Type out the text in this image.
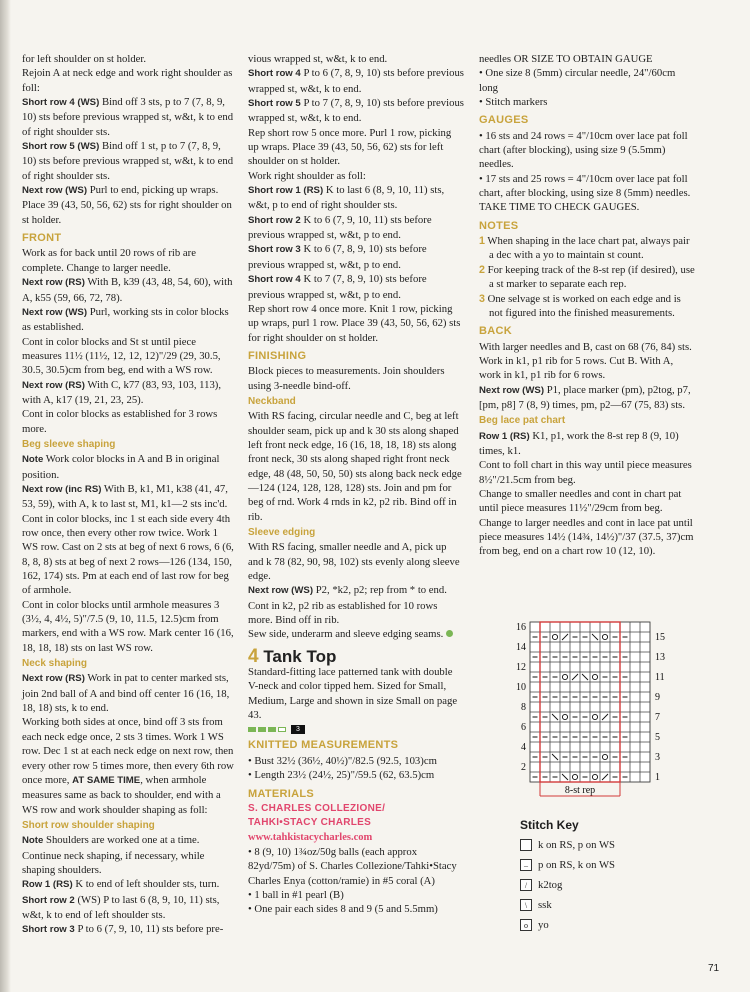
for left shoulder on st holder.

Rejoin A at neck edge and work right shoulder as foll:

Short row 4 (WS) Bind off 3 sts, p to 7 (7, 8, 9, 10) sts before previous wrapped st, w&t, k to end of right shoulder sts.

Short row 5 (WS) Bind off 1 st, p to 7 (7, 8, 9, 10) sts before previous wrapped st, w&t, k to end of right shoulder sts.

Next row (WS) Purl to end, picking up wraps. Place 39 (43, 50, 56, 62) sts for right shoulder on st holder.

FRONT

Work as for back until 20 rows of rib are complete. Change to larger needle.

Next row (RS) With B, k39 (43, 48, 54, 60), with A, k55 (59, 66, 72, 78).

Next row (WS) Purl, working sts in color blocks as established.

Cont in color blocks and St st until piece measures 11½ (11½, 12, 12, 12)"/29 (29, 30.5, 30.5, 30.5)cm from beg, end with a WS row.

Next row (RS) With C, k77 (83, 93, 103, 113), with A, k17 (19, 21, 23, 25).

Cont in color blocks as established for 3 rows more.

Beg sleeve shaping

Note Work color blocks in A and B in original position.

Next row (inc RS) With B, k1, M1, k38 (41, 47, 53, 59), with A, k to last st, M1, k1—2 sts inc'd.

Cont in color blocks, inc 1 st each side every 4th row once, then every other row twice. Work 1 WS row. Cast on 2 sts at beg of next 6 rows, 6 (6, 8, 8, 8) sts at beg of next 2 rows—126 (134, 150, 162, 174) sts. Pm at each end of last row for beg of armhole.

Cont in color blocks until armhole measures 3 (3½, 4, 4½, 5)"/7.5 (9, 10, 11.5, 12.5)cm from markers, end with a WS row. Mark center 16 (16, 18, 18, 18) sts on last WS row.

Neck shaping

Next row (RS) Work in pat to center marked sts, join 2nd ball of A and bind off center 16 (16, 18, 18, 18) sts, k to end.

Working both sides at once, bind off 3 sts from each neck edge once, 2 sts 3 times. Work 1 WS row. Dec 1 st at each neck edge on next row, then every other row 5 times more, then every 6th row once more, AT SAME TIME, when armhole measures same as back to shoulder, end with a WS row and work shoulder shaping as foll:

Short row shoulder shaping

Note Shoulders are worked one at a time. Continue neck shaping, if necessary, while shaping shoulders.

Row 1 (RS) K to end of left shoulder sts, turn.

Short row 2 (WS) P to last 6 (8, 9, 10, 11) sts, w&t, k to end of left shoulder sts.

Short row 3 P to 6 (7, 9, 10, 11) sts before pre-

vious wrapped st, w&t, k to end.

Short row 4 P to 6 (7, 8, 9, 10) sts before previous wrapped st, w&t, k to end.

Short row 5 P to 7 (7, 8, 9, 10) sts before previous wrapped st, w&t, k to end.

Rep short row 5 once more. Purl 1 row, picking up wraps. Place 39 (43, 50, 56, 62) sts for left shoulder on st holder.

Work right shoulder as foll:

Short row 1 (RS) K to last 6 (8, 9, 10, 11) sts, w&t, p to end of right shoulder sts.

Short row 2 K to 6 (7, 9, 10, 11) sts before previous wrapped st, w&t, p to end.

Short row 3 K to 6 (7, 8, 9, 10) sts before previous wrapped st, w&t, p to end.

Short row 4 K to 7 (7, 8, 9, 10) sts before previous wrapped st, w&t, p to end.

Rep short row 4 once more. Knit 1 row, picking up wraps, purl 1 row. Place 39 (43, 50, 56, 62) sts for right shoulder on st holder.

FINISHING

Block pieces to measurements. Join shoulders using 3-needle bind-off.

Neckband

With RS facing, circular needle and C, beg at left shoulder seam, pick up and k 30 sts along shaped left front neck edge, 16 (16, 18, 18, 18) sts along front neck, 30 sts along shaped right front neck edge, 48 (48, 50, 50, 50) sts along back neck edge—124 (124, 128, 128, 128) sts. Join and pm for beg of rnd. Work 4 rnds in k2, p2 rib. Bind off in rib.

Sleeve edging

With RS facing, smaller needle and A, pick up and k 78 (82, 90, 98, 102) sts evenly along sleeve edge.

Next row (WS) P2, *k2, p2; rep from * to end. Cont in k2, p2 rib as established for 10 rows more. Bind off in rib.

Sew side, underarm and sleeve edging seams.

4 Tank Top

Standard-fitting lace patterned tank with double V-neck and color tipped hem. Sized for Small, Medium, Large and shown in size Small on page 43.

3

KNITTED MEASUREMENTS

• Bust 32½ (36½, 40½)"/82.5 (92.5, 103)cm

• Length 23½ (24½, 25)"/59.5 (62, 63.5)cm

MATERIALS

S. CHARLES COLLEZIONE/

TAHKI•STACY CHARLES

www.tahkistacycharles.com

• 8 (9, 10) 1¾oz/50g balls (each approx 82yd/75m) of S. Charles Collezione/Tahki•Stacy Charles Enya (cotton/ramie) in #5 coral (A)

• 1 ball in #1 pearl (B)

• One pair each sides 8 and 9 (5 and 5.5mm)

needles OR SIZE TO OBTAIN GAUGE

• One size 8 (5mm) circular needle, 24"/60cm long

• Stitch markers

GAUGES

• 16 sts and 24 rows = 4"/10cm over lace pat foll chart (after blocking), using size 9 (5.5mm) needles.

• 17 sts and 25 rows = 4"/10cm over lace pat foll chart, after blocking, using size 8 (5mm) needles.

TAKE TIME TO CHECK GAUGES.

NOTES

1 When shaping in the lace chart pat, always pair a dec with a yo to maintain st count.

2 For keeping track of the 8-st rep (if desired), use a st marker to separate each rep.

3 One selvage st is worked on each edge and is not figured into the finished measurements.

BACK

With larger needles and B, cast on 68 (76, 84) sts. Work in k1, p1 rib for 5 rows. Cut B. With A, work in k1, p1 rib for 6 rows.

Next row (WS) P1, place marker (pm), p2tog, p7, [pm, p8] 7 (8, 9) times, pm, p2—67 (75, 83) sts.

Beg lace pat chart

Row 1 (RS) K1, p1, work the 8-st rep 8 (9, 10) times, k1.

Cont to foll chart in this way until piece measures 8½"/21.5cm from beg.

Change to smaller needles and cont in chart pat until piece measures 11½"/29cm from beg. Change to larger needles and cont in lace pat until piece measures 14½ (14¾, 14½)"/37 (37.5, 37)cm from beg, end on a chart row 10 (12, 10).

8-st rep
16
14
12
10
8
6
4
2
15
13
11
9
7
5
3
1
Stitch Key
k on RS, p on WS
– p on RS, k on WS
/	k2tog
\	ssk
o yo
71
